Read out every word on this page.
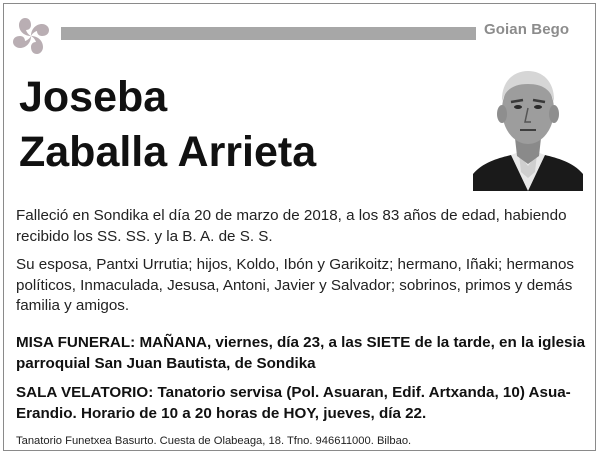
Goian Bego
Joseba
Zaballa Arrieta
Falleció en Sondika el día 20 de marzo de 2018, a los 83 años de edad, habiendo recibido los SS. SS. y la B. A. de S. S.
Su esposa, Pantxi Urrutia; hijos, Koldo, Ibón y Garikoitz; hermano, Iñaki; hermanos políticos, Inmaculada, Jesusa, Antoni, Javier y Salvador; sobrinos, primos y demás familia y amigos.
MISA FUNERAL: MAÑANA, viernes, día 23, a las SIETE de la tarde, en la iglesia parroquial San Juan Bautista, de Sondika
SALA VELATORIO: Tanatorio servisa (Pol. Asuaran, Edif. Artxanda, 10) Asua-Erandio. Horario de 10 a 20 horas de HOY, jueves, día 22.
Tanatorio Funetxea Basurto. Cuesta de Olabeaga, 18. Tfno. 946611000. Bilbao.
